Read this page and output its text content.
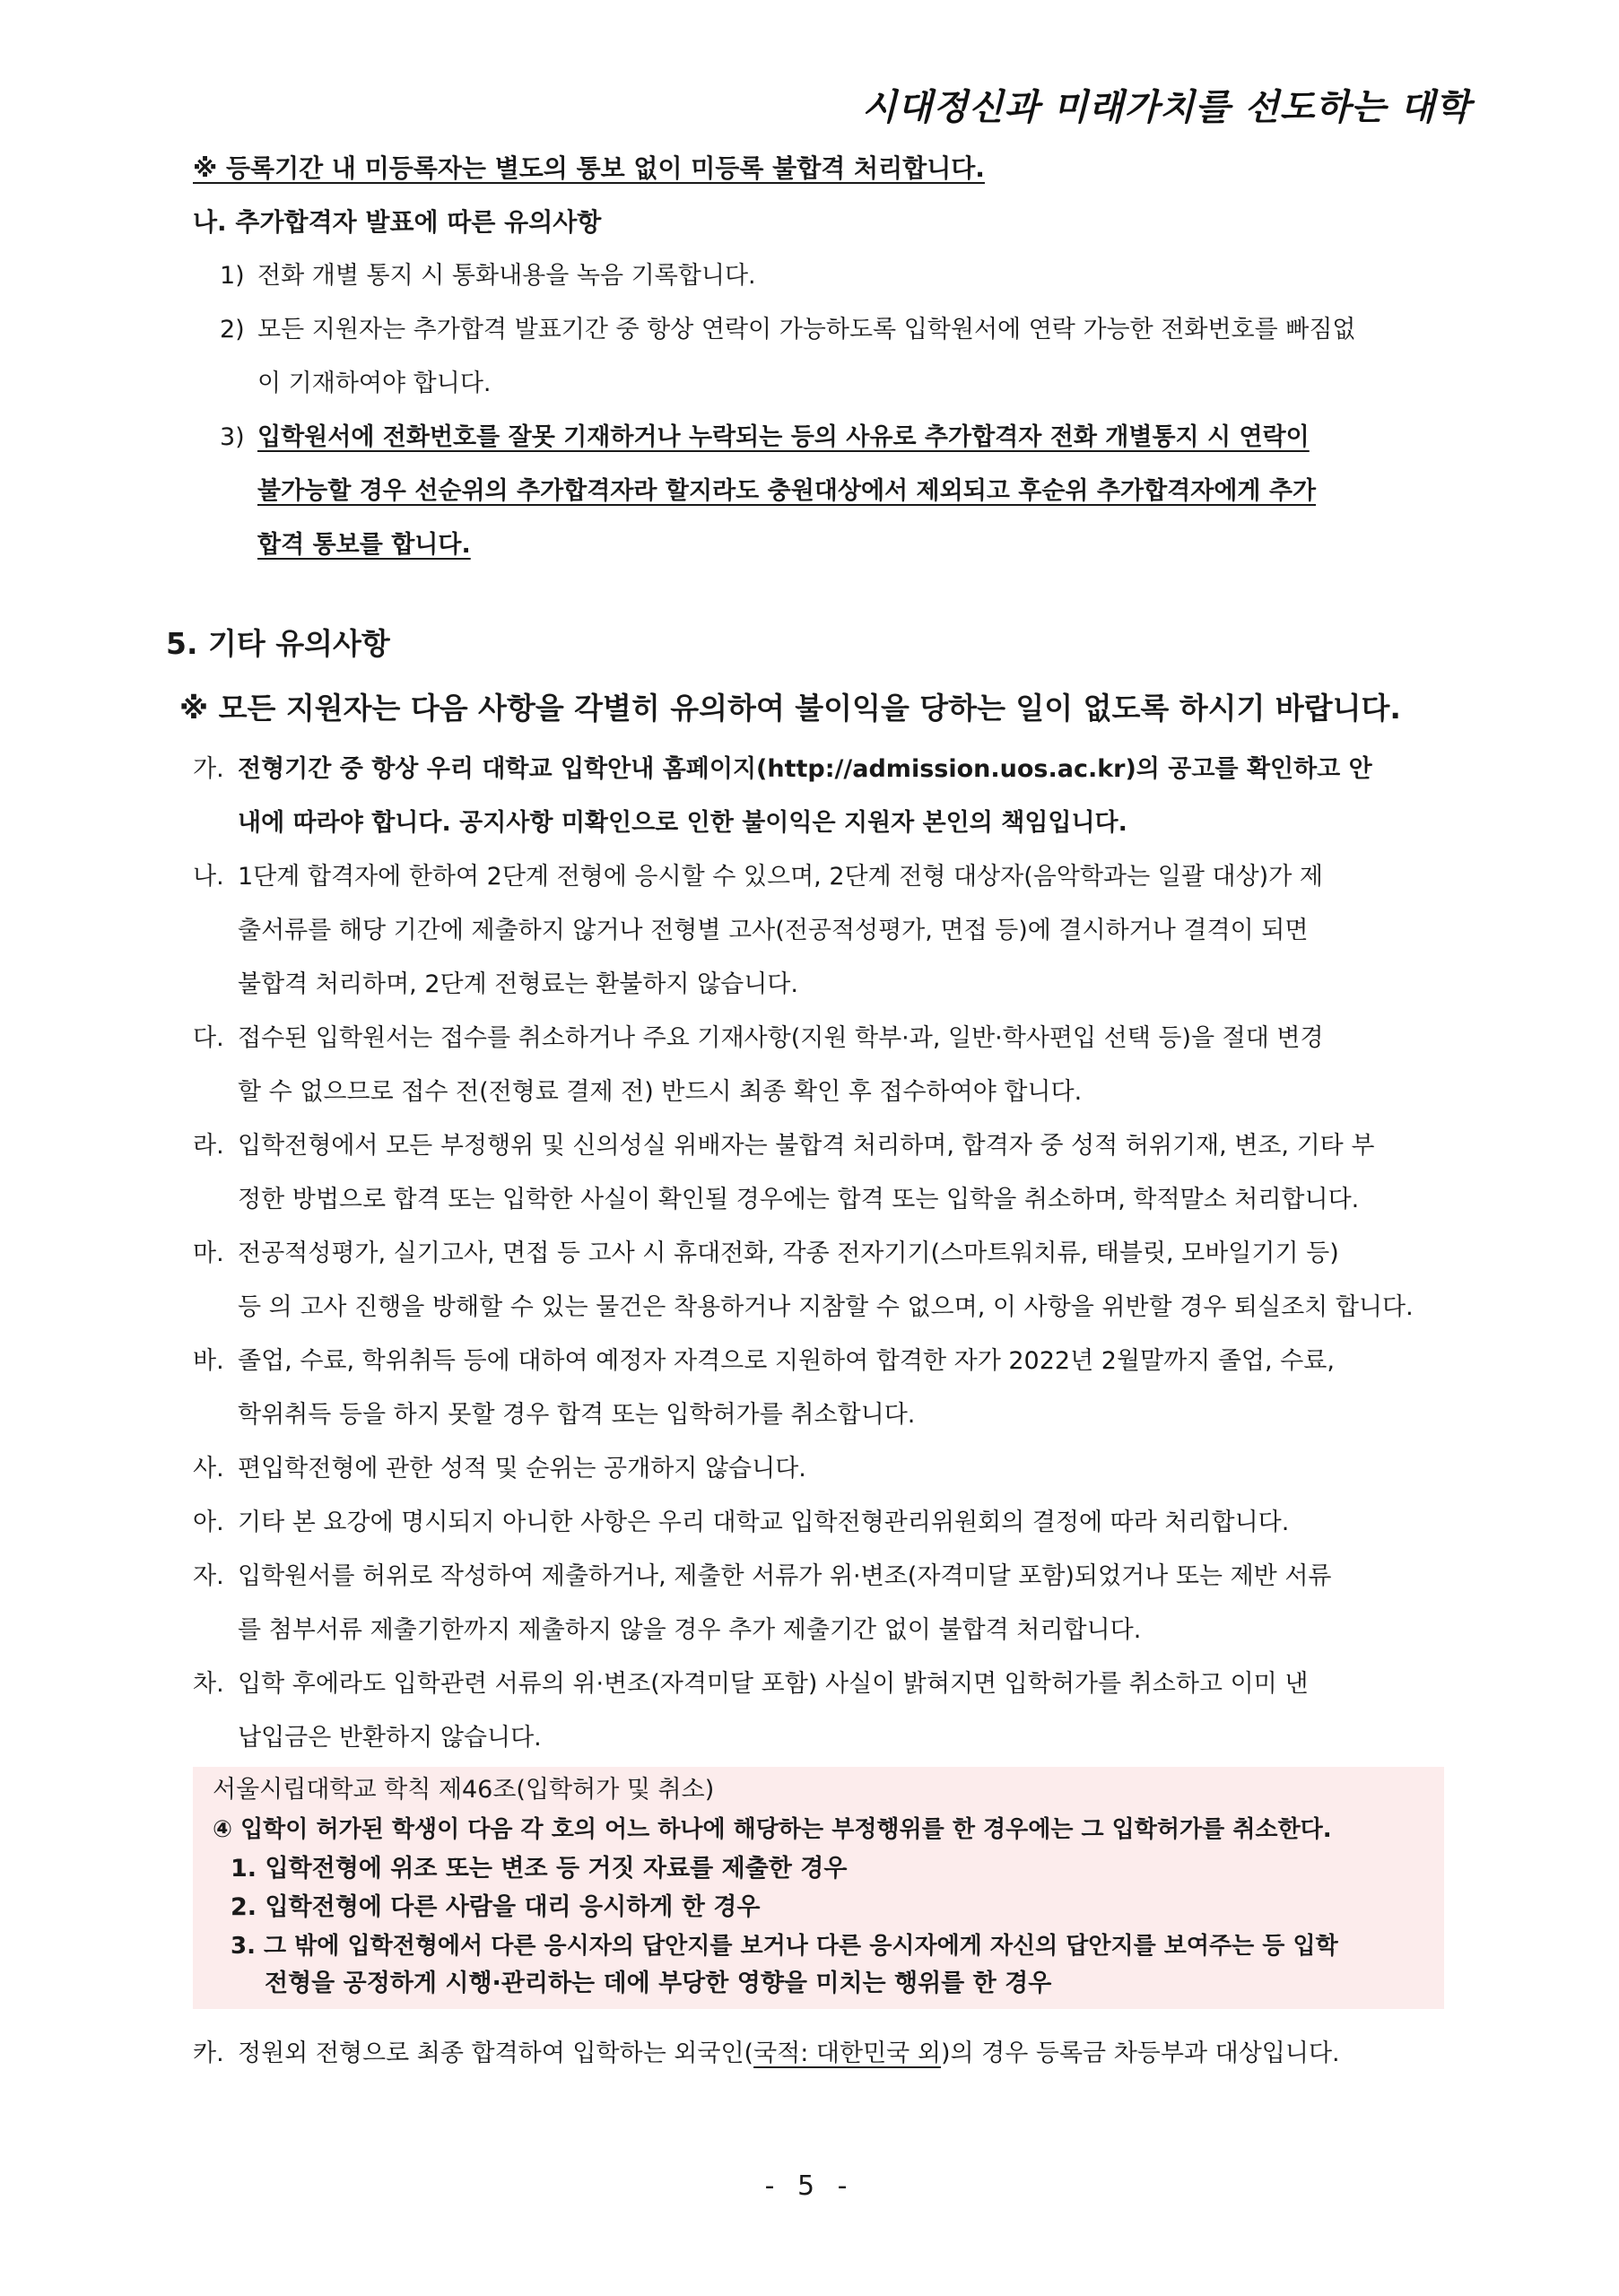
시대정신과 미래가치를 선도하는 대학
※ 등록기간 내 미등록자는 별도의 통보 없이 미등록 불합격 처리합니다.
나. 추가합격자 발표에 따른 유의사항
1) 전화 개별 통지 시 통화내용을 녹음 기록합니다.
2) 모든 지원자는 추가합격 발표기간 중 항상 연락이 가능하도록 입학원서에 연락 가능한 전화번호를 빠짐없
이 기재하여야 합니다.
3) 입학원서에 전화번호를 잘못 기재하거나 누락되는 등의 사유로 추가합격자 전화 개별통지 시 연락이
불가능할 경우 선순위의 추가합격자라 할지라도 충원대상에서 제외되고 후순위 추가합격자에게 추가
합격 통보를 합니다.
5. 기타 유의사항
※ 모든 지원자는 다음 사항을 각별히 유의하여 불이익을 당하는 일이 없도록 하시기 바랍니다.
가. 전형기간 중 항상 우리 대학교 입학안내 홈페이지(http://admission.uos.ac.kr)의 공고를 확인하고 안
내에 따라야 합니다. 공지사항 미확인으로 인한 불이익은 지원자 본인의 책임입니다.
나. 1단계 합격자에 한하여 2단계 전형에 응시할 수 있으며, 2단계 전형 대상자(음악학과는 일괄 대상)가 제
출서류를 해당 기간에 제출하지 않거나 전형별 고사(전공적성평가, 면접 등)에 결시하거나 결격이 되면
불합격 처리하며, 2단계 전형료는 환불하지 않습니다.
다. 접수된 입학원서는 접수를 취소하거나 주요 기재사항(지원 학부·과, 일반·학사편입 선택 등)을 절대 변경
할 수 없으므로 접수 전(전형료 결제 전) 반드시 최종 확인 후 접수하여야 합니다.
라. 입학전형에서 모든 부정행위 및 신의성실 위배자는 불합격 처리하며, 합격자 중 성적 허위기재, 변조, 기타 부
정한 방법으로 합격 또는 입학한 사실이 확인될 경우에는 합격 또는 입학을 취소하며, 학적말소 처리합니다.
마. 전공적성평가, 실기고사, 면접 등 고사 시 휴대전화, 각종 전자기기(스마트워치류, 태블릿, 모바일기기 등)
등 의 고사 진행을 방해할 수 있는 물건은 착용하거나 지참할 수 없으며, 이 사항을 위반할 경우 퇴실조치 합니다.
바. 졸업, 수료, 학위취득 등에 대하여 예정자 자격으로 지원하여 합격한 자가 2022년 2월말까지 졸업, 수료,
학위취득 등을 하지 못할 경우 합격 또는 입학허가를 취소합니다.
사. 편입학전형에 관한 성적 및 순위는 공개하지 않습니다.
아. 기타 본 요강에 명시되지 아니한 사항은 우리 대학교 입학전형관리위원회의 결정에 따라 처리합니다.
자. 입학원서를 허위로 작성하여 제출하거나, 제출한 서류가 위·변조(자격미달 포함)되었거나 또는 제반 서류
를 첨부서류 제출기한까지 제출하지 않을 경우 추가 제출기간 없이 불합격 처리합니다.
차. 입학 후에라도 입학관련 서류의 위·변조(자격미달 포함) 사실이 밝혀지면 입학허가를 취소하고 이미 낸
납입금은 반환하지 않습니다.
서울시립대학교 학칙 제46조(입학허가 및 취소)
④ 입학이 허가된 학생이 다음 각 호의 어느 하나에 해당하는 부정행위를 한 경우에는 그 입학허가를 취소한다.
1. 입학전형에 위조 또는 변조 등 거짓 자료를 제출한 경우
2. 입학전형에 다른 사람을 대리 응시하게 한 경우
3. 그 밖에 입학전형에서 다른 응시자의 답안지를 보거나 다른 응시자에게 자신의 답안지를 보여주는 등 입학
전형을 공정하게 시행·관리하는 데에 부당한 영향을 미치는 행위를 한 경우
카. 정원외 전형으로 최종 합격하여 입학하는 외국인(국적: 대한민국 외)의 경우 등록금 차등부과 대상입니다.
- 5 -
